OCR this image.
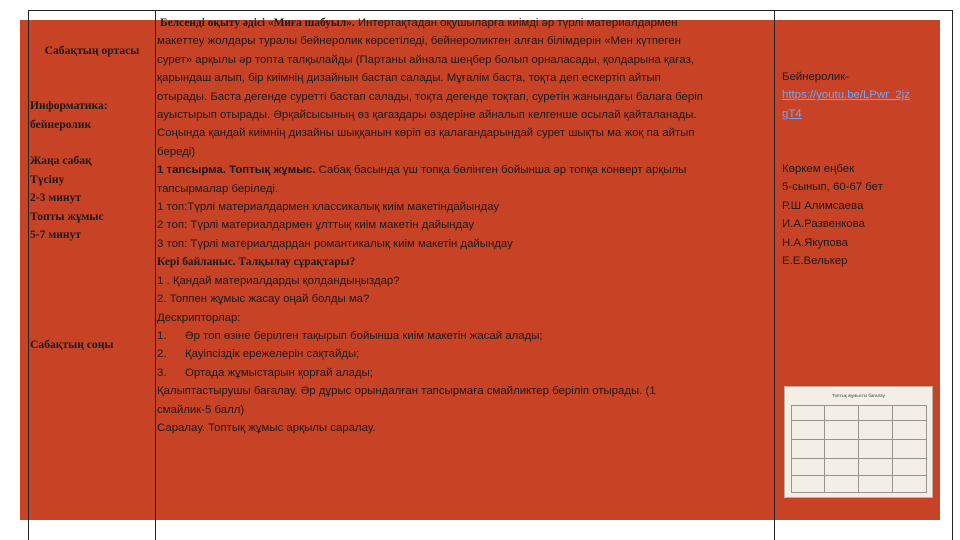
Сабақтың ортасы

Информатика:

бейнеролик

Жаңа сабақ

Түсіну

2-3 минут

Топты жұмыс

5-7 минут

Сабақтың соңы

Белсенді оқыту әдісі «Миға шабуыл». Интертақтадан оқушыларға киімді әр түрлі материалдармен

макеттеу жолдары туралы бейнеролик көрсетіледі, бейнероликтен алған білімдерін «Мен күтпеген

сурет» арқылы әр топта талқылайды (Партаны айнала шеңбер болып орналасады, қолдарына қағаз,

қарындаш алып, бір киімнің дизайнын бастап салады. Мұғалім баста, тоқта деп ескертіп айтып

отырады. Баста дегенде суретті бастап салады, тоқта дегенде тоқтап, суретін жанындағы балаға беріп

ауыстырып отырады. Әрқайсысының өз қағаздары өздеріне айналып келгенше осылай қайталанады.

Соңында қандай киімнің дизайны шыққанын көріп өз қалағандарындай сурет шықты ма жоқ па айтып

береді)

1 тапсырма. Топтық жұмыс. Сабақ басында үш топқа бөлінген бойынша әр топқа конверт арқылы

тапсырмалар беріледі.

1 топ:Түрлі материалдармен классикалық киім макетіндайындау

2 топ: Түрлі материалдармен ұлттық киім макетін дайындау

3 топ: Түрлі материалдардан романтикалық киім макетін дайындау

Кері байланыс. Талқылау сұрақтары?

1 . Қандай материалдарды қолдандыңыздар?

2. Топпен жұмыс жасау оңай болды ма?

Дескрипторлар:

1. Әр топ өзіне берілген тақырып бойынша киім макетін жасай алады;

2. Қауіпсіздік ережелерін сақтайды;

3. Ортада жұмыстарын қорғай алады;

Қалыптастырушы бағалау. Әр дұрыс орындалған тапсырмаға смайликтер беріліп отырады. (1

смайлик-5 балл)

Саралау. Топтық жұмыс арқылы саралау.

Бейнеролик-

https://youtu.be/LPwr_2jz

gT4

Көркем еңбек

5-сынып, 60-67 бет

Р.Ш Алимсаева

И.А.Развенкова

Н.А.Якупова

Е.Е.Велькер

Топтық жұмысты бағалау
